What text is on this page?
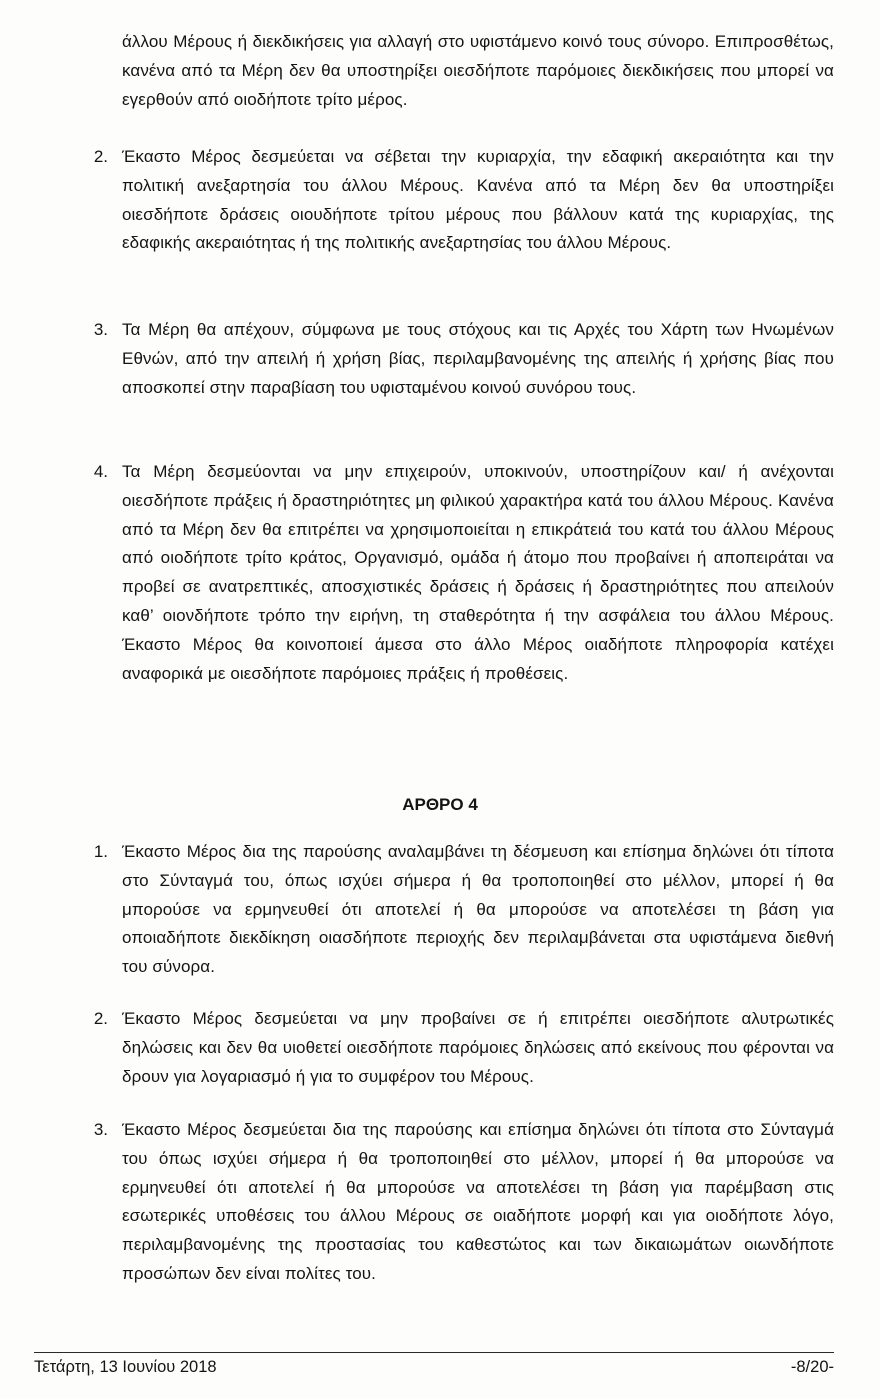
άλλου Μέρους ή διεκδικήσεις για αλλαγή στο υφιστάμενο κοινό τους σύνορο. Επιπροσθέτως, κανένα από τα Μέρη δεν θα υποστηρίξει οιεσδήποτε παρόμοιες διεκδικήσεις που μπορεί να εγερθούν από οιοδήποτε τρίτο μέρος.
2. Έκαστο Μέρος δεσμεύεται να σέβεται την κυριαρχία, την εδαφική ακεραιότητα και την πολιτική ανεξαρτησία του άλλου Μέρους. Κανένα από τα Μέρη δεν θα υποστηρίξει οιεσδήποτε δράσεις οιουδήποτε τρίτου μέρους που βάλλουν κατά της κυριαρχίας, της εδαφικής ακεραιότητας ή της πολιτικής ανεξαρτησίας του άλλου Μέρους.
3. Τα Μέρη θα απέχουν, σύμφωνα με τους στόχους και τις Αρχές του Χάρτη των Ηνωμένων Εθνών, από την απειλή ή χρήση βίας, περιλαμβανομένης της απειλής ή χρήσης βίας που αποσκοπεί στην παραβίαση του υφισταμένου κοινού συνόρου τους.
4. Τα Μέρη δεσμεύονται να μην επιχειρούν, υποκινούν, υποστηρίζουν και/ ή ανέχονται οιεσδήποτε πράξεις ή δραστηριότητες μη φιλικού χαρακτήρα κατά του άλλου Μέρους. Κανένα από τα Μέρη δεν θα επιτρέπει να χρησιμοποιείται η επικράτειά του κατά του άλλου Μέρους από οιοδήποτε τρίτο κράτος, Οργανισμό, ομάδα ή άτομο που προβαίνει ή αποπειράται να προβεί σε ανατρεπτικές, αποσχιστικές δράσεις ή δράσεις ή δραστηριότητες που απειλούν καθ’ οιονδήποτε τρόπο την ειρήνη, τη σταθερότητα ή την ασφάλεια του άλλου Μέρους. Έκαστο Μέρος θα κοινοποιεί άμεσα στο άλλο Μέρος οιαδήποτε πληροφορία κατέχει αναφορικά με οιεσδήποτε παρόμοιες πράξεις ή προθέσεις.
ΑΡΘΡΟ 4
1. Έκαστο Μέρος δια της παρούσης αναλαμβάνει τη δέσμευση και επίσημα δηλώνει ότι τίποτα στο Σύνταγμά του, όπως ισχύει σήμερα ή θα τροποποιηθεί στο μέλλον, μπορεί ή θα μπορούσε να ερμηνευθεί ότι αποτελεί ή θα μπορούσε να αποτελέσει τη βάση για οποιαδήποτε διεκδίκηση οιασδήποτε περιοχής δεν περιλαμβάνεται στα υφιστάμενα διεθνή του σύνορα.
2. Έκαστο Μέρος δεσμεύεται να μην προβαίνει σε ή επιτρέπει οιεσδήποτε αλυτρωτικές δηλώσεις και δεν θα υιοθετεί οιεσδήποτε παρόμοιες δηλώσεις από εκείνους που φέρονται να δρουν για λογαριασμό ή για το συμφέρον του Μέρους.
3. Έκαστο Μέρος δεσμεύεται δια της παρούσης και επίσημα δηλώνει ότι τίποτα στο Σύνταγμά του όπως ισχύει σήμερα ή θα τροποποιηθεί στο μέλλον, μπορεί ή θα μπορούσε να ερμηνευθεί ότι αποτελεί ή θα μπορούσε να αποτελέσει τη βάση για παρέμβαση στις εσωτερικές υποθέσεις του άλλου Μέρους σε οιαδήποτε μορφή και για οιοδήποτε λόγο, περιλαμβανομένης της προστασίας του καθεστώτος και των δικαιωμάτων οιωνδήποτε προσώπων δεν είναι πολίτες του.
Τετάρτη, 13 Ιουνίου 2018	-8/20-
